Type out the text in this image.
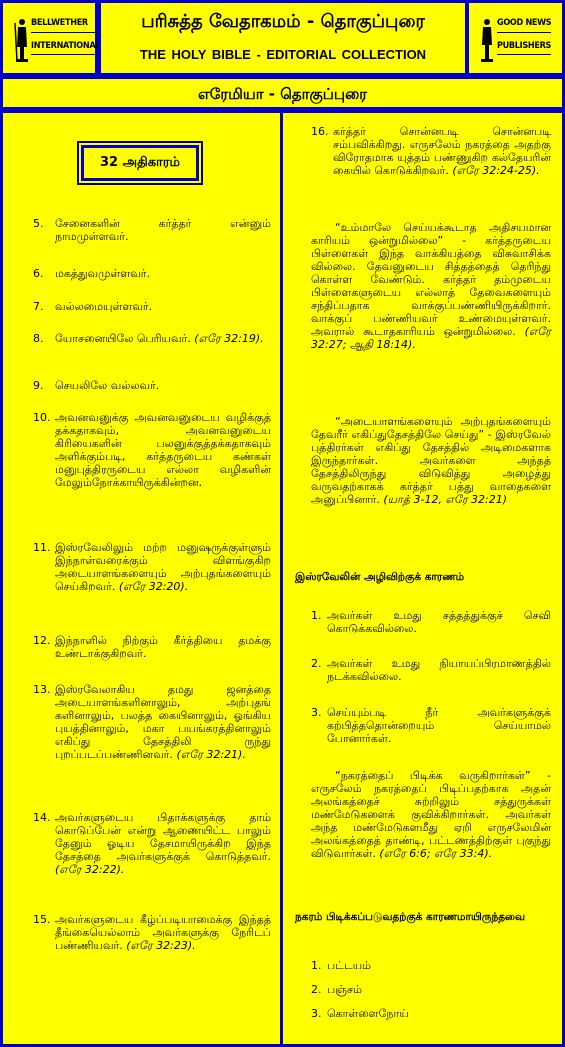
BELLWETHER
INTERNATIONAL
பரிசுத்த வேதாகமம் - தொகுப்புரை
THE HOLY BIBLE - EDITORIAL COLLECTION
GOOD NEWS
PUBLISHERS
எரேமியா - தொகுப்புரை
32 அதிகாரம்
5. சேனைகளின் கர்த்தர் என்னும் நாமமுள்ளவர்.
6. மகத்துவமுள்ளவர்.
7. வல்லமையுள்ளவர்.
8. யோசனையிலே பெரியவர். (எரே 32:19).
9. செயலிலே வல்லவர்.
10. அவனவனுக்கு அவனவனுடைய வழிக்குத் தக்கதாகவும், அவனவனுடைய கிரியைகளின் பலனுக்குத்தக்கதாகவும் அளிக்கும்படி, கர்த்தருடைய கண்கள் மனுபுத்திரருடைய எல்லா வழிகளின் மேலும்நோக்காயிருக்கின்றன.
11. இஸ்ரவேலிலும் மற்ற மனுஷருக்குள்ளும் இந்நாள்வரைக்கும் விளங்குகிற அடையாளங்களையும் அற்புதங்களையும் செய்கிறவர். (எரே 32:20).
12. இந்நாளில் நிற்கும் கீர்த்தியை தமக்கு உண்டாக்குகிறவர்.
13. இஸ்ரவேலாகிய தமது ஜனத்தை அடையாளங்களினாலும், அற்புதங் களினாலும், பலத்த கையினாலும், ஓங்கிய புயத்தினாலும், மகா பயங்கரத்தினாலும் எகிப்து தேசத்திலி ருந்து புறப்படப்பண்ணினவர். (எரே 32:21).
14. அவர்களுடைய பிதாக்களுக்கு தாம் கொடுப்பேன் என்று ஆணையிட்ட பாலும் தேனும் ஓடிய தேசமாயிருக்கிற இந்த தேசத்தை அவர்களுக்குக் கொடுத்தவர். (எரே 32:22).
15. அவர்களுடைய கீழ்ப்படியாமைக்கு இந்தத் தீங்கையெல்லாம் அவர்களுக்கு நேரிடப் பண்ணியவர். (எரே 32:23).
16. கர்த்தர் சொன்னபடி சொன்னபடி சம்பவிக்கிறது. எருசலேம் நகரத்தை அதற்கு விரோதமாக யுத்தம் பண்ணுகிற கல்தேயரின் கையில் கொடுக்கிறவர். (எரே 32:24-25).
“உம்மாலே செய்யக்கூடாத அதிசயமான காரியம் ஒன்றுமில்லை” - கர்த்தருடைய பிள்ளைகள் இந்த வாக்கியத்தை விசுவாசிக்க வில்லை. தேவனுடைய சித்தத்தைத் தெரிந்து கொள்ள வேண்டும். கர்த்தர் தம்முடைய பிள்ளைகளுடைய எல்லாத் தேவைகளையும் சந்திப்பதாக வாக்குப்பண்ணியிருக்கிறார். வாக்குப் பண்ணியவர் உண்மையுள்ளவர். அவரால் கூடாதகாரியம் ஒன்றுமில்லை. (எரே 32:27; ஆதி 18:14).
“அடையாளங்களையும் அற்புதங்களையும் தேவரீர் எகிப்துதேசத்திலே செய்து” - இஸ்ரவேல் புத்திரர்கள் எகிப்து தேசத்தில் அடிமைகளாக இருந்தார்கள். அவர்களை அந்தத் தேசத்திலிருந்து விடுவித்து அழைத்து வருவதற்காகக் கர்த்தர் பத்து வாதைகளை அனுப்பினார். (யாத் 3-12, எரே 32:21)
இஸ்ரவேலின் அழிவிற்குக் காரணம்
1. அவர்கள் உமது சத்தத்துக்குச் செவி கொடுக்கவில்லை.
2. அவர்கள் உமது நியாயப்பிரமாணத்தில் நடக்கவில்லை.
3. செய்யும்படி நீர் அவர்களுக்குக் கற்பித்ததொன்றையும் செய்யாமல் போனார்கள்.
“நகரத்தைப் பிடிக்க வருகிறார்கள்” - எருசலேம் நகரத்தைப் பிடிப்பதற்காக அதன் அலங்கத்தைச் சுற்றிலும் சத்துருக்கள் மண்மேடுகளைக் குவிக்கிறார்கள். அவர்கள் அந்த மண்மேடுகளமீது ஏறி எருசலேமின் அலங்கத்தைத் தாண்டி, பட்டணத்திற்குள் புகுந்து விடுவார்கள். (எரே 6:6; எரே 33:4).
நகரம் பிடிக்கப்படுவதற்குக் காரணமாயிருந்தவை
1. பட்டயம்
2. பஞ்சம்
3. கொள்ளைநோய்
